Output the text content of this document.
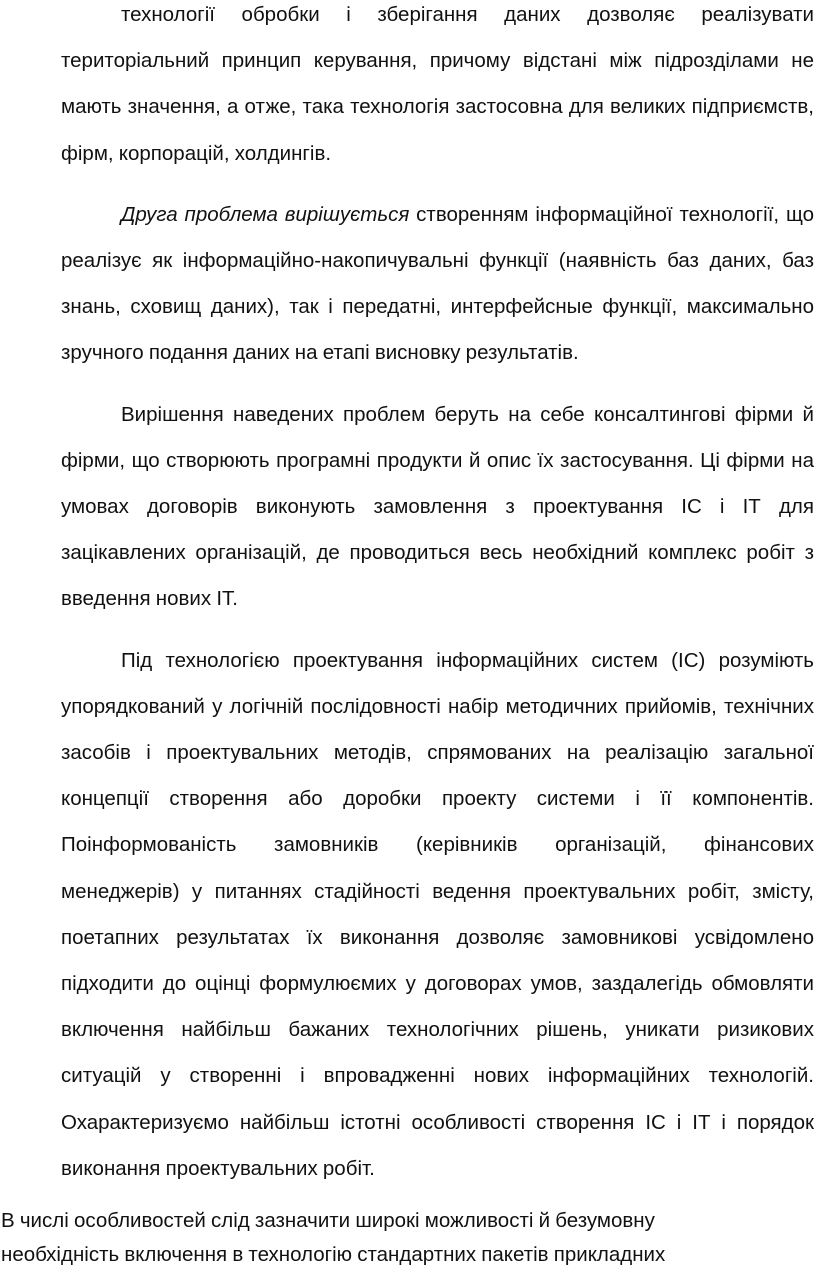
технології обробки і зберігання даних дозволяє реалізувати
територіальний принцип керування, причому відстані між підрозділами не
мають значення, а отже, така технологія застосовна для великих підприємств,
фірм, корпорацій, холдингів.
Друга проблема вирішується створенням інформаційної технології, що
реалізує як інформаційно-накопичувальні функції (наявність баз даних, баз
знань, сховищ даних), так і передатні, интерфейсные функції, максимально
зручного подання даних на етапі висновку результатів.
Вирішення наведених проблем беруть на себе консалтингові фірми й
фірми, що створюють програмні продукти й опис їх застосування. Ці фірми на
умовах договорів виконують замовлення з проектування ІС і ІТ для
зацікавлених організацій, де проводиться весь необхідний комплекс робіт з
введення нових ІТ.
Під технологією проектування інформаційних систем (ІС) розуміють
упорядкований у логічній послідовності набір методичних прийомів, технічних
засобів і проектувальних методів, спрямованих на реалізацію загальної
концепції створення або доробки проекту системи і її компонентів.
Поінформованість замовників (керівників організацій, фінансових
менеджерів) у питаннях стадійності ведення проектувальних робіт, змісту,
поетапних результатах їх виконання дозволяє замовникові усвідомлено
підходити до оцінці формулюємих у договорах умов, заздалегідь обмовляти
включення найбільш бажаних технологічних рішень, уникати ризикових
ситуацій у створенні і впровадженні нових інформаційних технологій.
Охарактеризуємо найбільш істотні особливості створення ІС і ІТ і порядок
виконання проектувальних робіт.
В числі особливостей слід зазначити широкі можливості й безумовну
необхідність включення в технологію стандартних пакетів прикладних
